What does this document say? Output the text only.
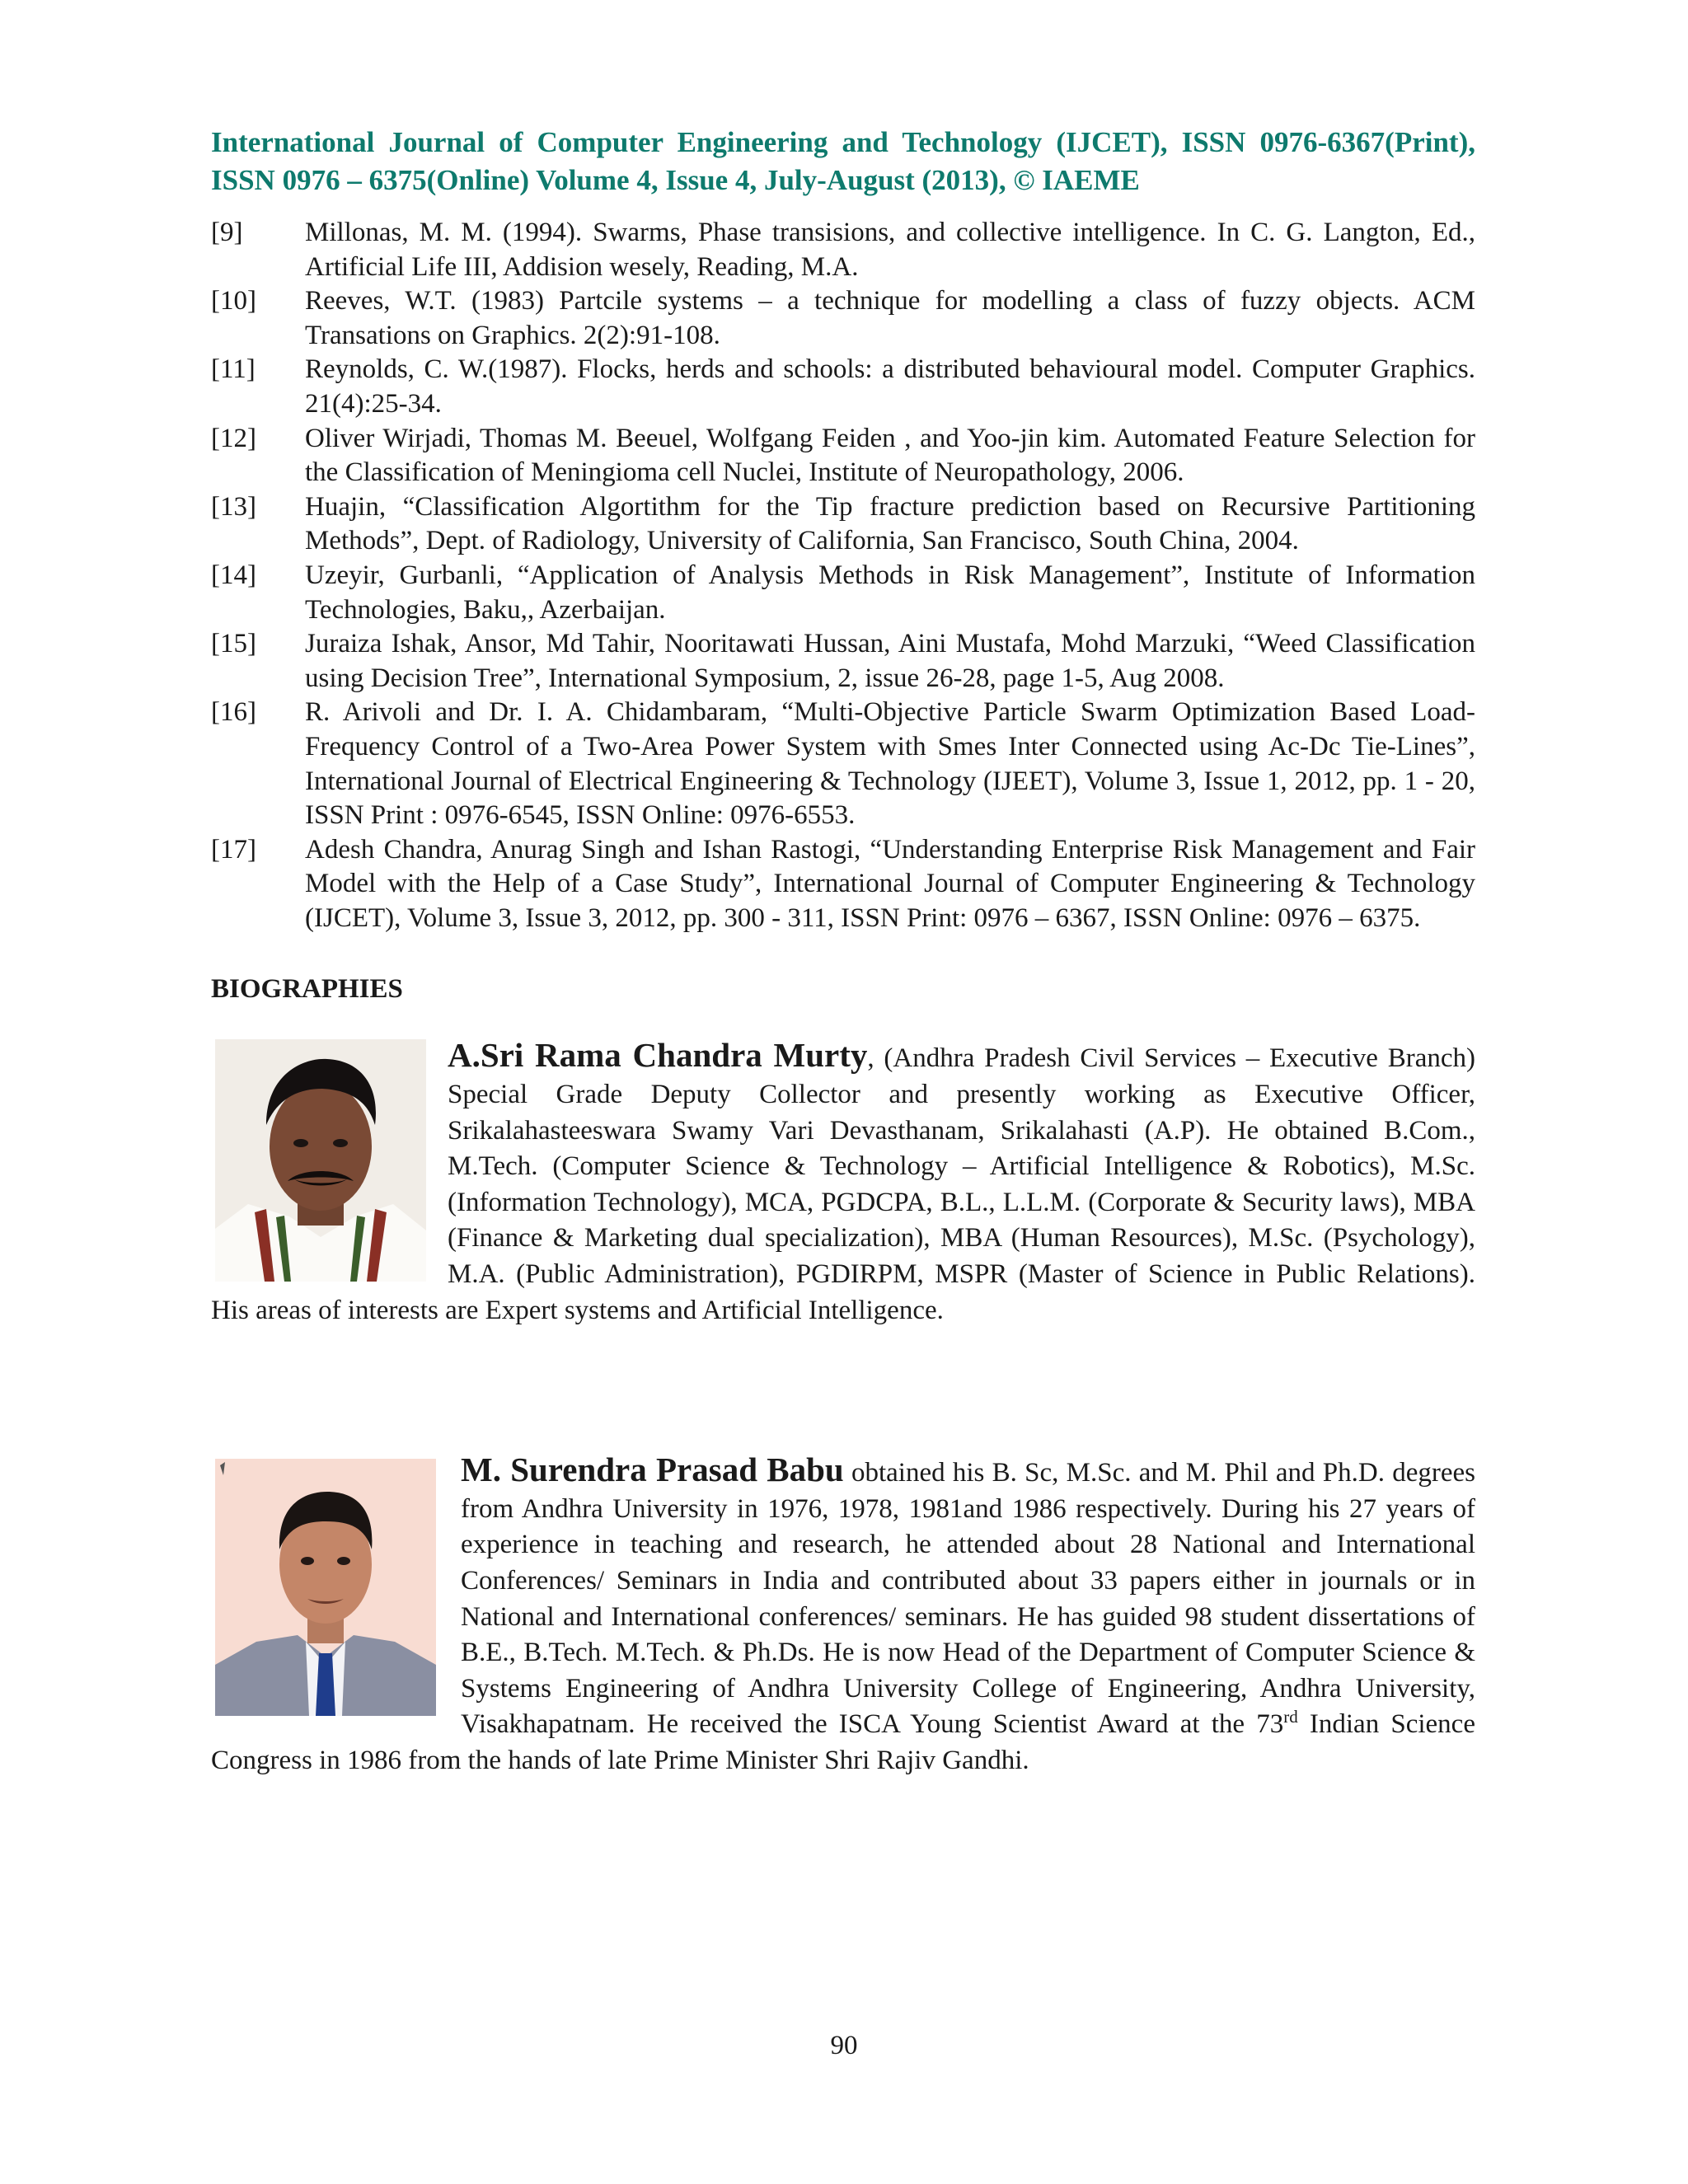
International Journal of Computer Engineering and Technology (IJCET), ISSN 0976-6367(Print), ISSN 0976 – 6375(Online) Volume 4, Issue 4, July-August (2013), © IAEME
[9]	Millonas, M. M. (1994). Swarms, Phase transisions, and collective intelligence. In C. G. Langton, Ed., Artificial Life III, Addision wesely, Reading, M.A.
[10]	Reeves, W.T. (1983) Partcile systems – a technique for modelling a class of fuzzy objects. ACM Transations on Graphics. 2(2):91-108.
[11]	Reynolds, C. W.(1987). Flocks, herds and schools: a distributed behavioural model. Computer Graphics. 21(4):25-34.
[12]	Oliver Wirjadi, Thomas M. Beeuel, Wolfgang Feiden , and Yoo-jin kim. Automated Feature Selection for the Classification of Meningioma cell Nuclei, Institute of Neuropathology, 2006.
[13]	Huajin, “Classification Algortithm for the Tip fracture prediction based on Recursive Partitioning Methods”, Dept. of Radiology, University of California, San Francisco, South China, 2004.
[14]	Uzeyir, Gurbanli, “Application of Analysis Methods in Risk Management”, Institute of Information Technologies, Baku,, Azerbaijan.
[15]	Juraiza Ishak, Ansor, Md Tahir, Nooritawati Hussan, Aini Mustafa, Mohd Marzuki, “Weed Classification using Decision Tree”, International Symposium, 2, issue 26-28, page 1-5, Aug 2008.
[16]	R. Arivoli and Dr. I. A. Chidambaram, “Multi-Objective Particle Swarm Optimization Based Load-Frequency Control of a Two-Area Power System with Smes Inter Connected using Ac-Dc Tie-Lines”, International Journal of Electrical Engineering & Technology (IJEET), Volume 3, Issue 1, 2012, pp. 1 - 20, ISSN Print : 0976-6545, ISSN Online: 0976-6553.
[17]	Adesh Chandra, Anurag Singh and Ishan Rastogi, “Understanding Enterprise Risk Management and Fair Model with the Help of a Case Study”, International Journal of Computer Engineering & Technology (IJCET), Volume 3, Issue 3, 2012, pp. 300 - 311, ISSN Print: 0976 – 6367, ISSN Online: 0976 – 6375.
BIOGRAPHIES
A.Sri Rama Chandra Murty, (Andhra Pradesh Civil Services – Executive Branch) Special Grade Deputy Collector and presently working as Executive Officer, Srikalahasteeswara Swamy Vari Devasthanam, Srikalahasti (A.P). He obtained B.Com., M.Tech. (Computer Science & Technology – Artificial Intelligence & Robotics), M.Sc. (Information Technology), MCA, PGDCPA, B.L., L.L.M. (Corporate & Security laws), MBA (Finance & Marketing dual specialization), MBA (Human Resources), M.Sc. (Psychology), M.A. (Public Administration), PGDIRPM, MSPR (Master of Science in Public Relations). His areas of interests are Expert systems and Artificial Intelligence.
M. Surendra Prasad Babu obtained his B. Sc, M.Sc. and M. Phil and Ph.D. degrees from Andhra University in 1976, 1978, 1981and 1986 respectively. During his 27 years of experience in teaching and research, he attended about 28 National and International Conferences/ Seminars in India and contributed about 33 papers either in journals or in National and International conferences/ seminars. He has guided 98 student dissertations of B.E., B.Tech. M.Tech. & Ph.Ds. He is now Head of the Department of Computer Science & Systems Engineering of Andhra University College of Engineering, Andhra University, Visakhapatnam. He received the ISCA Young Scientist Award at the 73rd Indian Science Congress in 1986 from the hands of late Prime Minister Shri Rajiv Gandhi.
90
